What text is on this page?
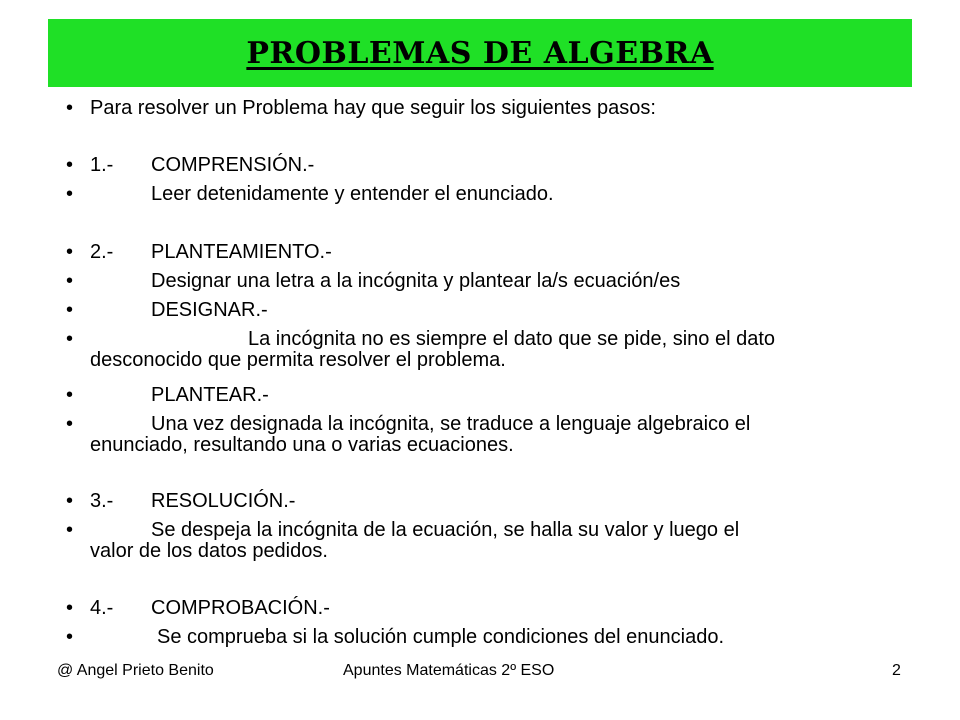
PROBLEMAS DE ALGEBRA
• Para resolver un Problema hay que seguir los siguientes pasos:
• 1.- COMPRENSIÓN.-
•	Leer detenidamente y entender el enunciado.
• 2.- PLANTEAMIENTO.-
•	Designar una letra a la incógnita y plantear la/s ecuación/es
•	DESIGNAR.-
•	La incógnita no es siempre el dato que se pide, sino el dato
desconocido que permita resolver el problema.
•	PLANTEAR.-
•	Una vez designada la incógnita, se traduce a lenguaje algebraico el
enunciado, resultando una o varias ecuaciones.
• 3.- RESOLUCIÓN.-
•	Se despeja la incógnita de la ecuación, se halla su valor y luego el
valor de los datos pedidos.
• 4.- COMPROBACIÓN.-
•	Se comprueba si la solución cumple condiciones del enunciado.
@ Angel Prieto Benito	Apuntes Matemáticas 2º ESO	2
